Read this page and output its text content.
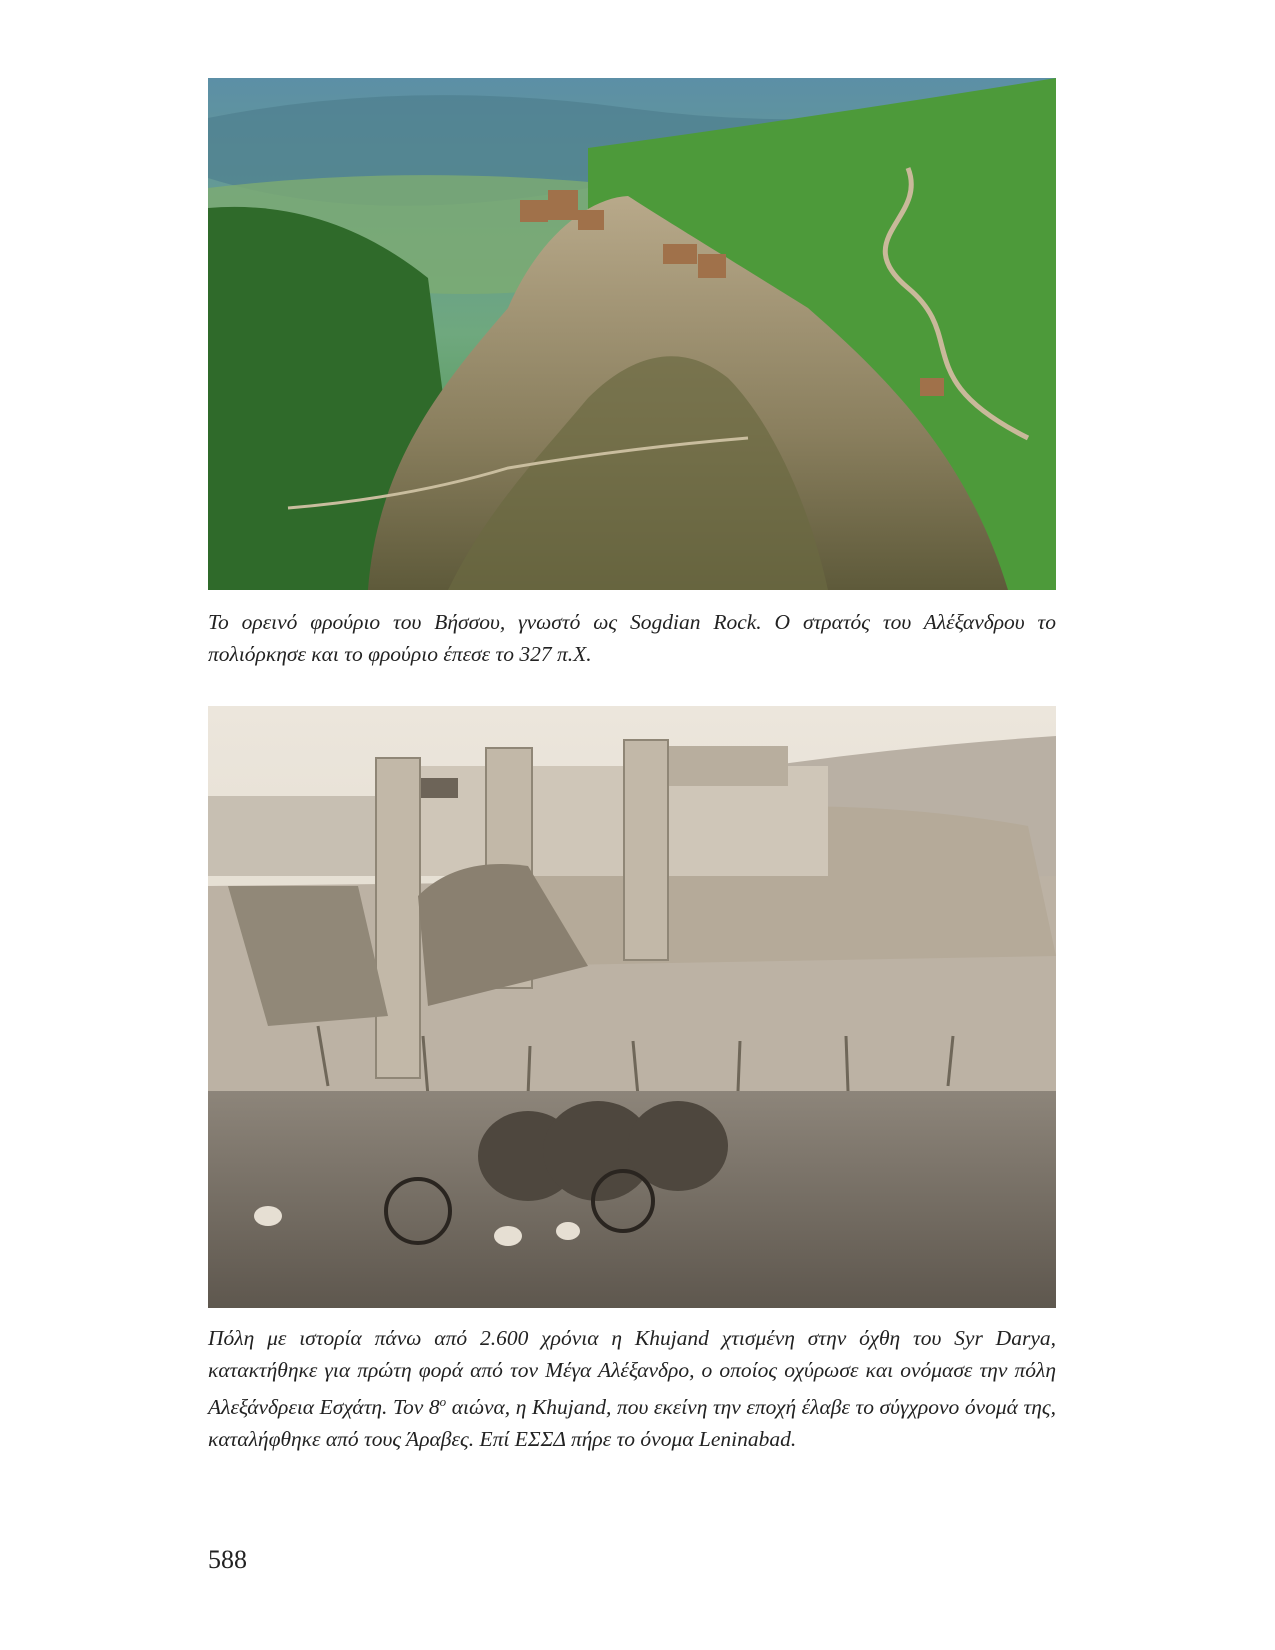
Το ορεινό φρούριο του Βήσσου, γνωστό ως Sogdian Rock. Ο στρατός του Αλέξανδρου το πολιόρκησε και το φρούριο έπεσε το 327 π.Χ.

Πόλη με ιστορία πάνω από 2.600 χρόνια η Khujand χτισμένη στην όχθη του Syr Darya, κατακτήθηκε για πρώτη φορά από τον Μέγα Αλέξανδρο, ο οποίος οχύρωσε και ονόμασε την πόλη Αλεξάνδρεια Εσχάτη. Τον $8^o$ αιώνα, η Khujand, που εκείνη την εποχή έλαβε το σύγχρονο όνομά της, καταλήφθηκε από τους Άραβες. Επί ΕΣΣΔ πήρε το όνομα Leninabad.

588
